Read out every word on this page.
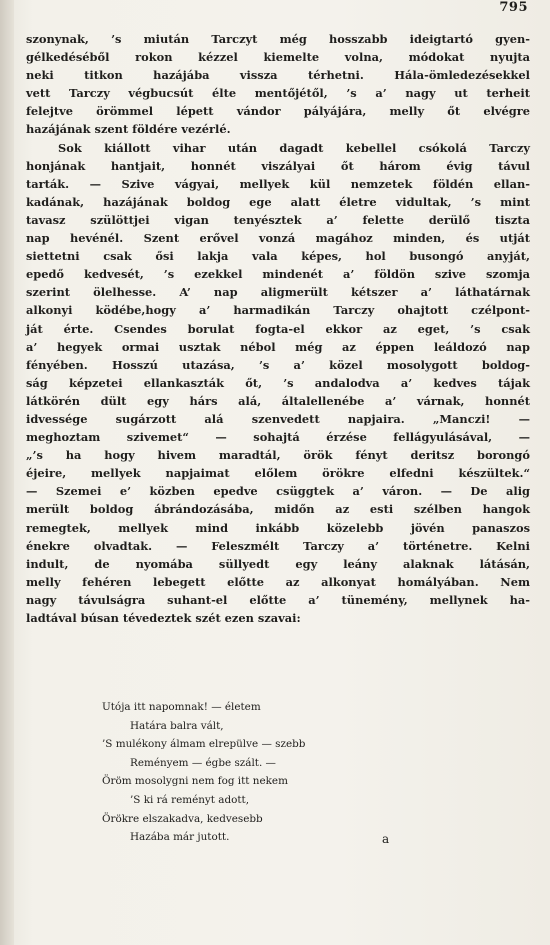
795
szonynak, ’s miután Tarczyt még hosszabb ideigtartó gyen-
gélkedéséből rokon kézzel kiemelte volna, módokat nyujta
neki titkon hazájába vissza térhetni. Hála-ömledezésekkel
vett Tarczy végbucsút élte mentőjétől, ’s a’ nagy ut terheit
felejtve örömmel lépett vándor pályájára, melly őt elvégre
hazájának szent földére vezérlé.
Sok kiállott vihar után dagadt kebellel csókolá Tarczy
honjának hantjait, honnét viszályai őt három évig távul
tarták. — Szive vágyai, mellyek kül nemzetek földén ellan-
kadának, hazájának boldog ege alatt életre vidultak, ’s mint
tavasz szülöttjei vigan tenyésztek a’ felette derülő tiszta
nap hevénél. Szent erővel vonzá magához minden, és utját
siettetni csak ősi lakja vala képes, hol busongó anyját,
epedő kedvesét, ’s ezekkel mindenét a’ földön szive szomja
szerint ölelhesse. A’ nap aligmerült kétszer a’ láthatárnak
alkonyi ködébe,hogy a’ harmadikán Tarczy ohajtott czélpont-
ját érte. Csendes borulat fogta-el ekkor az eget, ’s csak
a’ hegyek ormai usztak nébol még az éppen leáldozó nap
fényében. Hosszú utazása, ’s a’ közel mosolygott boldog-
ság képzetei ellankaszták őt, ’s andalodva a’ kedves tájak
látkörén dült egy hárs alá, általellenébe a’ várnak, honnét
idvessége sugárzott alá szenvedett napjaira. „Manczi! —
meghoztam szivemet“ — sohajtá érzése fellágyulásával, —
„’s ha hogy hivem maradtál, örök fényt deritsz borongó
éjeire, mellyek napjaimat előlem örökre elfedni készültek.“
— Szemei e’ közben epedve csüggtek a’ váron. — De alig
merült boldog ábrándozásába, midőn az esti szélben hangok
remegtek, mellyek mind inkább közelebb jövén panaszos
énekre olvadtak. — Feleszmélt Tarczy a’ történetre. Kelni
indult, de nyomába süllyedt egy leány alaknak látásán,
melly fehéren lebegett előtte az alkonyat homályában. Nem
nagy távulságra suhant-el előtte a’ tünemény, mellynek ha-
ladtával búsan tévedeztek szét ezen szavai:
Utója itt napomnak! — életem
Határa balra vált,
’S mulékony álmam elrepülve — szebb
Reményem — égbe szált. —
Öröm mosolygni nem fog itt nekem
’S ki rá reményt adott,
Örökre elszakadva, kedvesebb
Hazába már jutott.	a
